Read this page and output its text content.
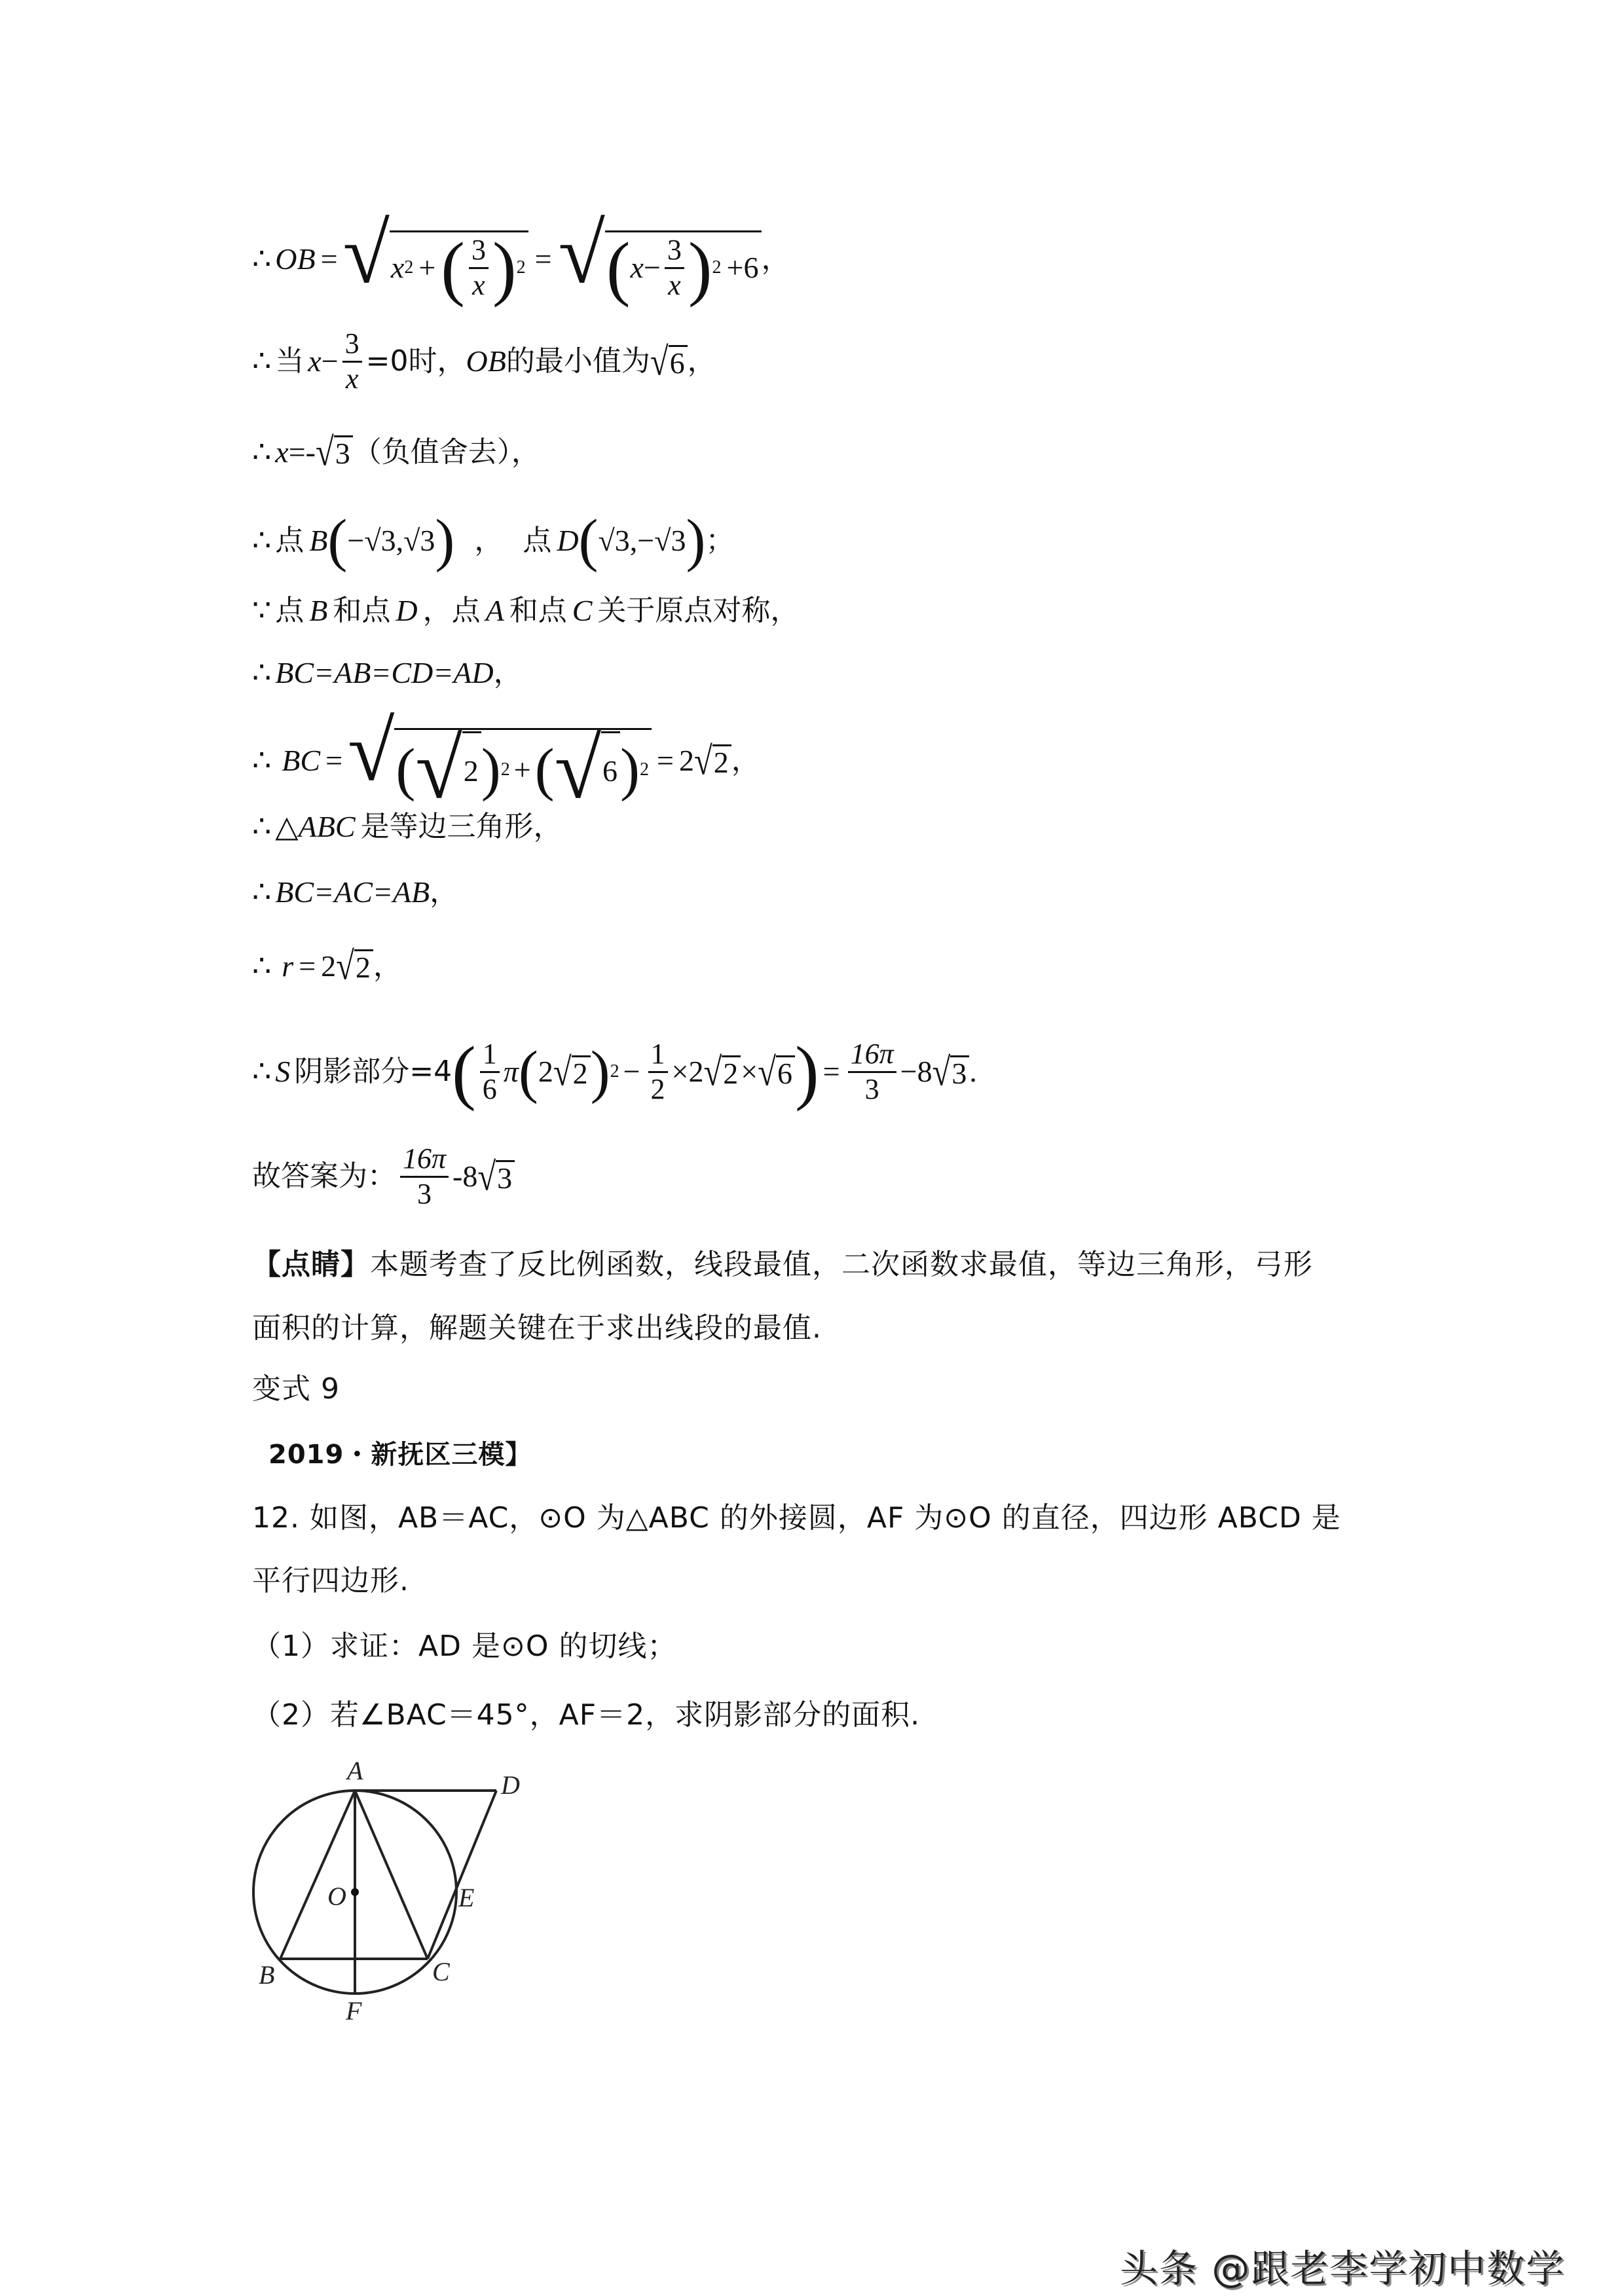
∴ OB = √ x 2 + ( $\frac{3}{x}$ ) 2 = √ ( $x - \frac{3}{x}$ ) 2 +6 ，
∴ 当 $x - \frac{3}{x} =0$时， OB 的最小值为 √ 6 ，
∴ x =- √ 3 （负值舍去），
∴ 点 B ( −√3 , √3 ) ， 点 D ( √3 , −√3 ) ；
∵ 点 B 和点 D ，点 A 和点 C 关于原点对称，
∴ BC=AB=CD=AD ，
∴ BC = √ ( √ 2 ) 2 + ( √ 6 ) 2 = 2 √ 2 ，
∴ △ ABC 是等边三角形，
∴ BC=AC=AB ，
∴ r = 2 √ 2 ，
∴ S 阴影部分=4 ( $\frac{1}{6}$ π ( 2 √ 2 ) $2 - \frac{1}{2} \times 2$ √ 2 × √ 6 ) = $\frac{16\pi}{3} -8$ √ 3 .
故答案为： $\frac{16\pi}{3} -8$ √ 3
【点睛】本题考查了反比例函数，线段最值，二次函数求最值，等边三角形，弓形
面积的计算，解题关键在于求出线段的最值.
变式 9
2019・新抚区三模】
12. 如图，AB＝AC，⊙O 为△ABC 的外接圆，AF 为⊙O 的直径，四边形 ABCD 是
平行四边形.
（1）求证：AD 是⊙O 的切线；
（2）若∠BAC＝45°，AF＝2，求阴影部分的面积.
A	D
O	E
B	C
F
头条 @跟老李学初中数学
